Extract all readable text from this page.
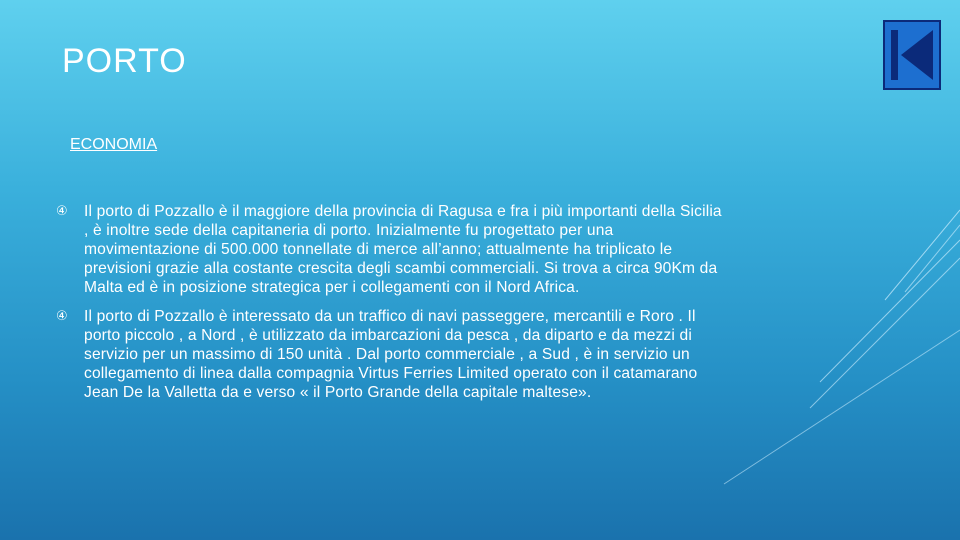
PORTO
ECONOMIA
④	Il porto di Pozzallo è il maggiore della provincia di Ragusa e fra i più importanti della Sicilia , è inoltre sede della capitaneria di porto. Inizialmente fu progettato per una movimentazione di 500.000 tonnellate di merce all’anno; attualmente ha triplicato le previsioni grazie alla costante crescita degli scambi commerciali. Si trova a circa 90Km da Malta ed è in posizione strategica per i collegamenti con il Nord Africa.
④	Il porto di Pozzallo è interessato da un traffico di navi passeggere, mercantili e Roro . Il porto piccolo , a Nord , è utilizzato da imbarcazioni da pesca , da diparto e da mezzi di servizio per un massimo di 150 unità . Dal porto commerciale , a Sud , è in servizio un collegamento di linea dalla compagnia Virtus Ferries Limited operato con il catamarano Jean De la Valletta da e verso « il Porto Grande della capitale maltese».
